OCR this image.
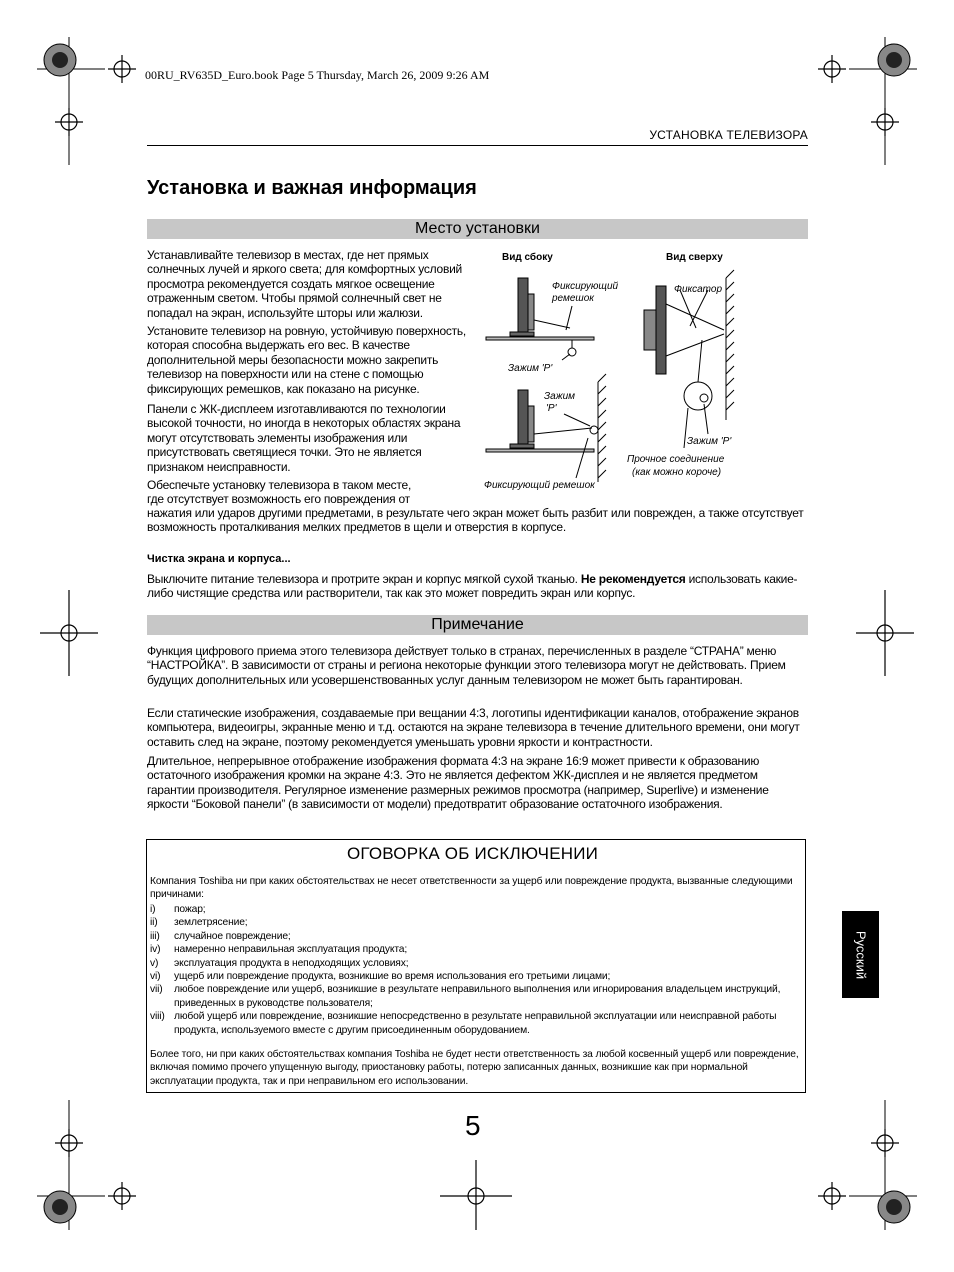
00RU_RV635D_Euro.book Page 5 Thursday, March 26, 2009 9:26 AM
УСТАНОВКА ТЕЛЕВИЗОРА
Установка и важная информация
Место установки

Устанавливайте телевизор в местах, где нет прямых солнечных лучей и яркого света; для комфортных условий просмотра рекомендуется создать мягкое освещение отраженным светом. Чтобы прямой солнечный свет не попадал на экран, используйте шторы или жалюзи.

Установите телевизор на ровную, устойчивую поверхность, которая способна выдержать его вес. В качестве дополнительной меры безопасности можно закрепить телевизор на поверхности или на стене с помощью фиксирующих ремешков, как показано на рисунке.

Панели с ЖК-дисплеем изготавливаются по технологии высокой точности, но иногда в некоторых областях экрана могут отсутствовать элементы изображения или присутствовать светящиеся точки. Это не является признаком неисправности.

Обеспечьте установку телевизора в таком месте,
где отсутствует возможность его повреждения от

нажатия или ударов другими предметами, в результате чего экран может быть разбит или поврежден, а также отсутствует возможность проталкивания мелких предметов в щели и отверстия в корпусе.

Вид сбоку	Вид сверху
Фиксирующий
ремешок
Зажим 'P'
Зажим
'P'
Фиксирующий ремешок
Фиксатор
Зажим 'P'
Прочное соединение
(как можно короче)
Чистка экрана и корпуса...

Выключите питание телевизора и протрите экран и корпус мягкой сухой тканью. Не рекомендуется использовать какие-либо чистящие средства или растворители, так как это может повредить экран или корпус.

Примечание

Функция цифрового приема этого телевизора действует только в странах, перечисленных в разделе “СТРАНА” меню “НАСТРОЙКА”. В зависимости от страны и региона некоторые функции этого телевизора могут не действовать. Прием будущих дополнительных или усовершенствованных услуг данным телевизором не может быть гарантирован.

Если статические изображения, создаваемые при вещании 4:3, логотипы идентификации каналов, отображение экранов компьютера, видеоигры, экранные меню и т.д. остаются на экране телевизора в течение длительного времени, они могут оставить след на экране, поэтому рекомендуется уменьшать уровни яркости и контрастности.

Длительное, непрерывное отображение изображения формата 4:3 на экране 16:9 может привести к образованию остаточного изображения кромки на экране 4:3. Это не является дефектом ЖК-дисплея и не является предметом гарантии производителя. Регулярное изменение размерных режимов просмотра (например, Superlive) и изменение яркости “Боковой панели” (в зависимости от модели) предотвратит образование остаточного изображения.

ОГОВОРКА ОБ ИСКЛЮЧЕНИИ

Компания Toshiba ни при каких обстоятельствах не несет ответственности за ущерб или повреждение продукта, вызванные следующими причинами:

i)	пожар;
ii)	землетрясение;
iii)	случайное повреждение;
iv)	намеренно неправильная эксплуатация продукта;
v)	эксплуатация продукта в неподходящих условиях;
vi)	ущерб или повреждение продукта, возникшие во время использования его третьими лицами;
vii)	любое повреждение или ущерб, возникшие в результате неправильного выполнения или игнорирования владельцем инструкций, приведенных в руководстве пользователя;
viii) любой ущерб или повреждение, возникшие непосредственно в результате неправильной эксплуатации или неисправной работы продукта, используемого вместе с другим присоединенным оборудованием.

Более того, ни при каких обстоятельствах компания Toshiba не будет нести ответственность за любой косвенный ущерб или повреждение, включая помимо прочего упущенную выгоду, приостановку работы, потерю записанных данных, возникшие как при нормальной эксплуатации продукта, так и при неправильном его использовании.

Русский
5
